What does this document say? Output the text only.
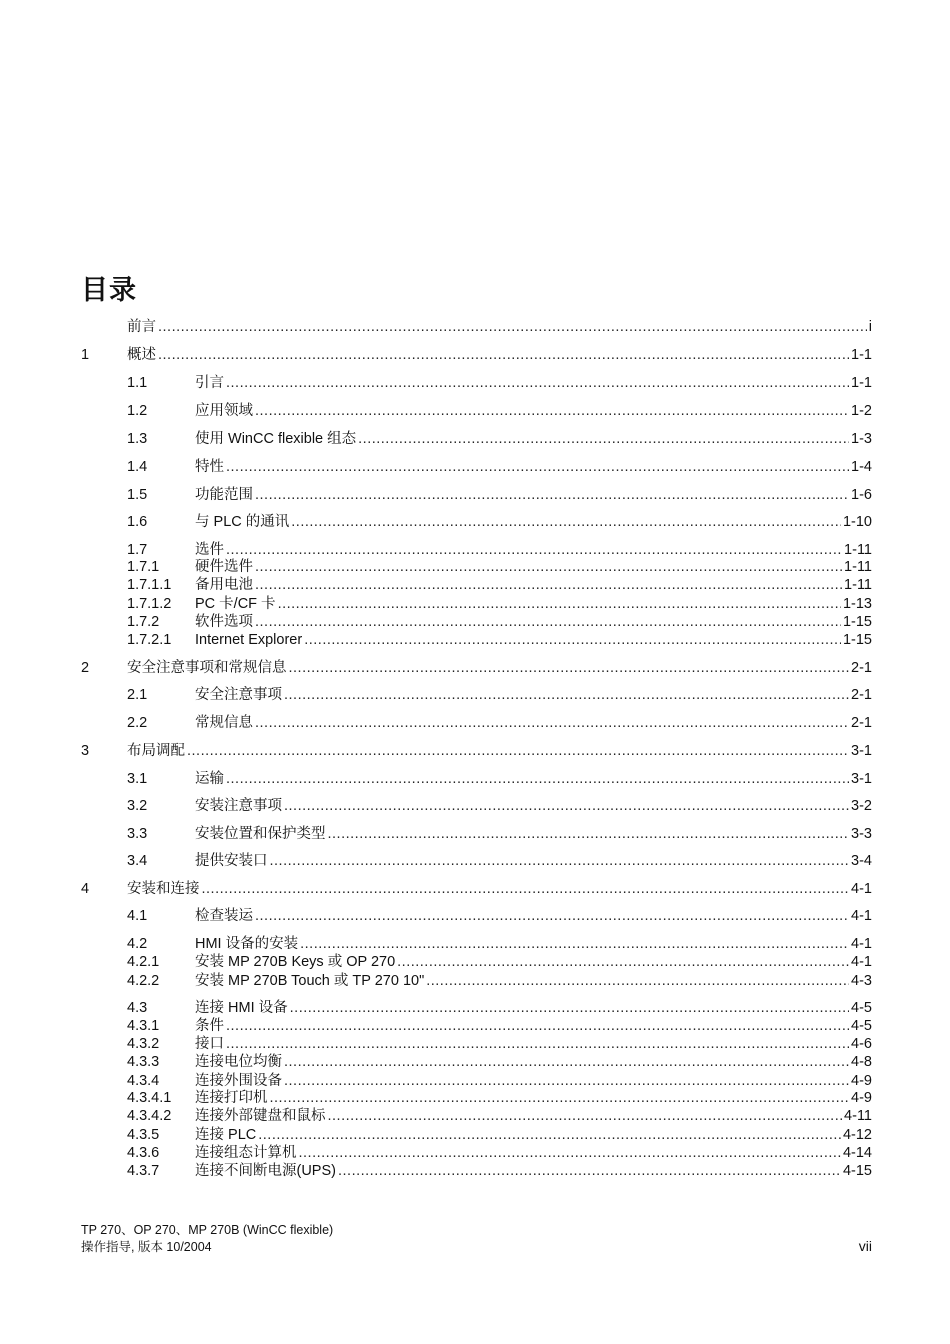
目录
前言 .....	i
1	概述 .....	1-1
1.1	引言 .....	1-1
1.2	应用领域 .....	1-2
1.3	使用 WinCC flexible 组态 .....	1-3
1.4	特性 .....	1-4
1.5	功能范围 .....	1-6
1.6	与 PLC 的通讯 .....	1-10
1.7	选件 .....	1-11
1.7.1 硬件选件 .....	1-11
1.7.1.1 备用电池 .....	1-11
1.7.1.2 PC 卡/CF 卡 .....	1-13
1.7.2 软件选项 .....	1-15
1.7.2.1 Internet Explorer .....	1-15
2	安全注意事项和常规信息 .....	2-1
2.1	安全注意事项 .....	2-1
2.2	常规信息 .....	2-1
3	布局调配 .....	3-1
3.1	运输 .....	3-1
3.2	安装注意事项 .....	3-2
3.3	安装位置和保护类型 .....	3-3
3.4	提供安装口 .....	3-4
4	安装和连接 .....	4-1
4.1	检查装运 .....	4-1
4.2	HMI 设备的安装 .....	4-1
4.2.1 安装 MP 270B Keys 或 OP 270 .....	4-1
4.2.2 安装 MP 270B Touch 或 TP 270 10" .....	4-3
4.3	连接 HMI 设备 .....	4-5
4.3.1 条件 .....	4-5
4.3.2 接口 .....	4-6
4.3.3 连接电位均衡 .....	4-8
4.3.4 连接外围设备 .....	4-9
4.3.4.1 连接打印机 .....	4-9
4.3.4.2 连接外部键盘和鼠标 .....	4-11
4.3.5 连接 PLC .....	4-12
4.3.6 连接组态计算机 .....	4-14
4.3.7 连接不间断电源(UPS) .....	4-15
TP 270、OP 270、MP 270B (WinCC flexible)
操作指导, 版本 10/2004	vii
